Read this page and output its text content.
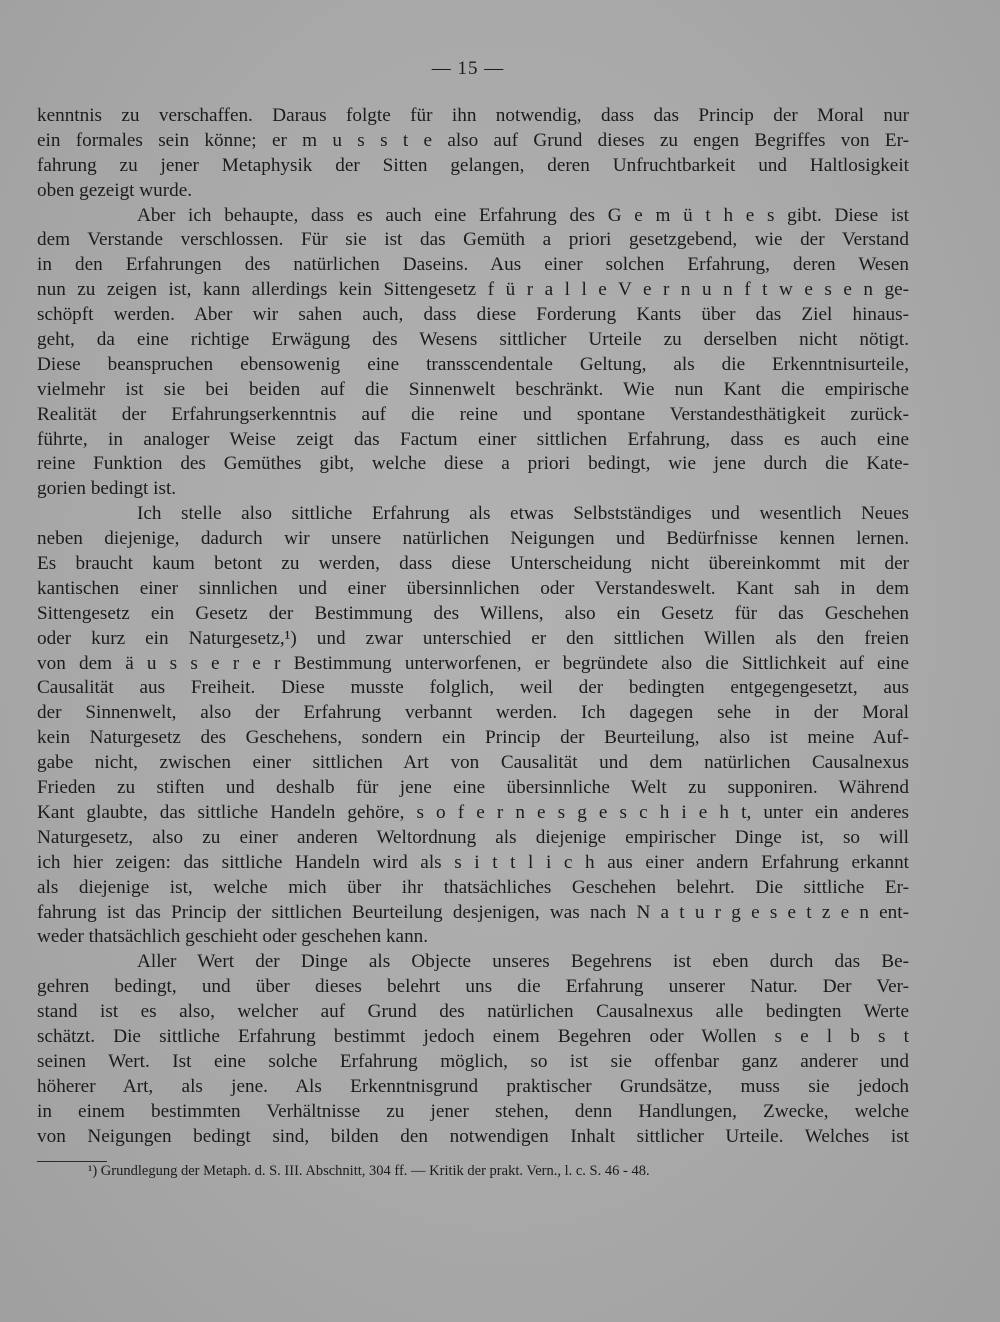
— 15 —
kenntnis zu verschaffen. Daraus folgte für ihn notwendig, dass das Princip der Moral nur
ein formales sein könne; er m u s s t e also auf Grund dieses zu engen Begriffes von Er-
fahrung zu jener Metaphysik der Sitten gelangen, deren Unfruchtbarkeit und Haltlosigkeit
oben gezeigt wurde.
Aber ich behaupte, dass es auch eine Erfahrung des G e m ü t h e s gibt. Diese ist
dem Verstande verschlossen. Für sie ist das Gemüth a priori gesetzgebend, wie der Verstand
in den Erfahrungen des natürlichen Daseins. Aus einer solchen Erfahrung, deren Wesen
nun zu zeigen ist, kann allerdings kein Sittengesetz f ü r a l l e V e r n u n f t w e s e n ge-
schöpft werden. Aber wir sahen auch, dass diese Forderung Kants über das Ziel hinaus-
geht, da eine richtige Erwägung des Wesens sittlicher Urteile zu derselben nicht nötigt.
Diese beanspruchen ebensowenig eine transscendentale Geltung, als die Erkenntnisurteile,
vielmehr ist sie bei beiden auf die Sinnenwelt beschränkt. Wie nun Kant die empirische
Realität der Erfahrungserkenntnis auf die reine und spontane Verstandesthätigkeit zurück-
führte, in analoger Weise zeigt das Factum einer sittlichen Erfahrung, dass es auch eine
reine Funktion des Gemüthes gibt, welche diese a priori bedingt, wie jene durch die Kate-
gorien bedingt ist.
Ich stelle also sittliche Erfahrung als etwas Selbstständiges und wesentlich Neues
neben diejenige, dadurch wir unsere natürlichen Neigungen und Bedürfnisse kennen lernen.
Es braucht kaum betont zu werden, dass diese Unterscheidung nicht übereinkommt mit der
kantischen einer sinnlichen und einer übersinnlichen oder Verstandeswelt. Kant sah in dem
Sittengesetz ein Gesetz der Bestimmung des Willens, also ein Gesetz für das Geschehen
oder kurz ein Naturgesetz,¹) und zwar unterschied er den sittlichen Willen als den freien
von dem ä u s s e r e r Bestimmung unterworfenen, er begründete also die Sittlichkeit auf eine
Causalität aus Freiheit. Diese musste folglich, weil der bedingten entgegengesetzt, aus
der Sinnenwelt, also der Erfahrung verbannt werden. Ich dagegen sehe in der Moral
kein Naturgesetz des Geschehens, sondern ein Princip der Beurteilung, also ist meine Auf-
gabe nicht, zwischen einer sittlichen Art von Causalität und dem natürlichen Causalnexus
Frieden zu stiften und deshalb für jene eine übersinnliche Welt zu supponiren. Während
Kant glaubte, das sittliche Handeln gehöre, s o f e r n e s g e s c h i e h t, unter ein anderes
Naturgesetz, also zu einer anderen Weltordnung als diejenige empirischer Dinge ist, so will
ich hier zeigen: das sittliche Handeln wird als s i t t l i c h aus einer andern Erfahrung erkannt
als diejenige ist, welche mich über ihr thatsächliches Geschehen belehrt. Die sittliche Er-
fahrung ist das Princip der sittlichen Beurteilung desjenigen, was nach N a t u r g e s e t z e n ent-
weder thatsächlich geschieht oder geschehen kann.
Aller Wert der Dinge als Objecte unseres Begehrens ist eben durch das Be-
gehren bedingt, und über dieses belehrt uns die Erfahrung unserer Natur. Der Ver-
stand ist es also, welcher auf Grund des natürlichen Causalnexus alle bedingten Werte
schätzt. Die sittliche Erfahrung bestimmt jedoch einem Begehren oder Wollen s e l b s t
seinen Wert. Ist eine solche Erfahrung möglich, so ist sie offenbar ganz anderer und
höherer Art, als jene. Als Erkenntnisgrund praktischer Grundsätze, muss sie jedoch
in einem bestimmten Verhältnisse zu jener stehen, denn Handlungen, Zwecke, welche
von Neigungen bedingt sind, bilden den notwendigen Inhalt sittlicher Urteile. Welches ist
¹) Grundlegung der Metaph. d. S. III. Abschnitt, 304 ff. — Kritik der prakt. Vern., l. c. S. 46 - 48.
